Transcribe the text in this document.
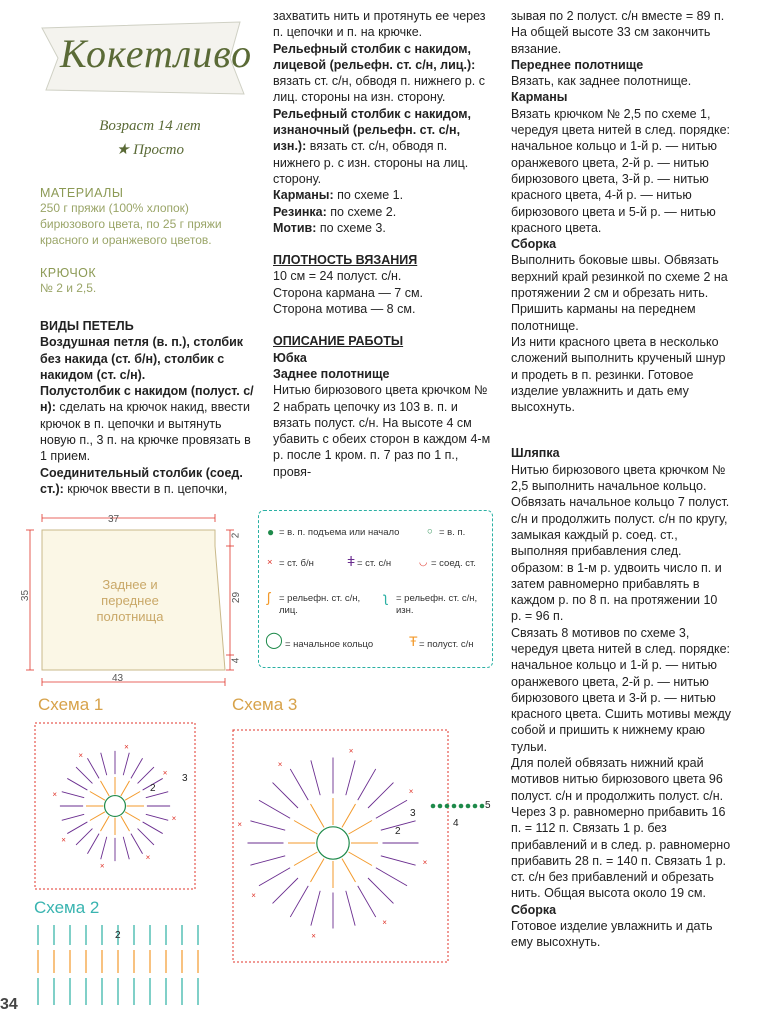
Кокетливо
Возраст 14 лет
★ Просто

МАТЕРИАЛЫ

250 г пряжи (100% хлопок) бирюзового цвета, по 25 г пряжи красного и оранжевого цветов.

КРЮЧОК

№ 2 и 2,5.

ВИДЫ ПЕТЕЛЬ

Воздушная петля (в. п.), столбик без накида (ст. б/н), столбик с накидом (ст. с/н).

Полустолбик с накидом (полуст. с/н): сделать на крючок накид, ввести крючок в п. цепочки и вытянуть новую п., 3 п. на крючке провязать в 1 прием.

Соединительный столбик (соед. ст.): крючок ввести в п. цепочки,

захватить нить и протянуть ее через п. цепочки и п. на крючке.

Рельефный столбик с накидом, лицевой (рельефн. ст. с/н, лиц.): вязать ст. с/н, обводя п. нижнего р. с лиц. стороны на изн. сторону.

Рельефный столбик с накидом, изнаночный (рельефн. ст. с/н, изн.): вязать ст. с/н, обводя п. нижнего р. с изн. стороны на лиц. сторону.

Карманы: по схеме 1.

Резинка: по схеме 2.

Мотив: по схеме 3.

ПЛОТНОСТЬ ВЯЗАНИЯ

10 см = 24 полуст. с/н.

Сторона кармана — 7 см.

Сторона мотива — 8 см.

ОПИСАНИЕ РАБОТЫ

Юбка

Заднее полотнище

Нитью бирюзового цвета крючком № 2 набрать цепочку из 103 в. п. и вязать полуст. с/н. На высоте 4 см убавить с обеих сторон в каждом 4-м р. после 1 кром. п. 7 раз по 1 п., провя-

зывая по 2 полуст. с/н вместе = 89 п. На общей высоте 33 см закончить вязание.

Переднее полотнище

Вязать, как заднее полотнище.

Карманы

Вязать крючком № 2,5 по схеме 1, чередуя цвета нитей в след. порядке: начальное кольцо и 1-й р. — нитью оранжевого цвета, 2-й р. — нитью бирюзового цвета, 3-й р. — нитью красного цвета, 4-й р. — нитью бирюзового цвета и 5-й р. — нитью красного цвета.

Сборка

Выполнить боковые швы. Обвязать верхний край резинкой по схеме 2 на протяжении 2 см и обрезать нить. Пришить карманы на переднем полотнище.

Из нити красного цвета в несколько сложений выполнить крученый шнур и продеть в п. резинки. Готовое изделие увлажнить и дать ему высохнуть.

Шляпка

Нитью бирюзового цвета крючком № 2,5 выполнить начальное кольцо. Обвязать начальное кольцо 7 полуст. с/н и продолжить полуст. с/н по кругу, замыкая каждый р. соед. ст., выполняя прибавления след. образом: в 1-м р. удвоить число п. и затем равномерно прибавлять в каждом р. по 8 п. на протяжении 10 р. = 96 п.

Связать 8 мотивов по схеме 3, чередуя цвета нитей в след. порядке: начальное кольцо и 1-й р. — нитью оранжевого цвета, 2-й р. — нитью бирюзового цвета и 3-й р. — нитью красного цвета. Сшить мотивы между собой и пришить к нижнему краю тульи.

Для полей обвязать нижний край мотивов нитью бирюзового цвета 96 полуст. с/н и продолжить полуст. с/н. Через 3 р. равномерно прибавить 16 п. = 112 п. Связать 1 р. без прибавлений и в след. р. равномерно прибавить 28 п. = 140 п. Связать 1 р. ст. с/н без прибавлений и обрезать нить. Общая высота около 19 см.

Сборка

Готовое изделие увлажнить и дать ему высохнуть.

37
43
35
2
29
4
Заднее и переднее полотнища
● = в. п. подъема или начало	○ = в. п.
× = ст. б/н ǂ = ст. с/н	◡ = соед. ст.
ʃ = рельефн. ст. с/н, лиц.
ʅ = рельефн. ст. с/н, изн.
◯ = начальное кольцо	Ŧ = полуст. с/н
Схема 1	Схема 3
Схема 2
×
×
×
×
×
×
×
×
×
×
×
×
×
×
×
×
3
2
2
3
4
5
2
34
